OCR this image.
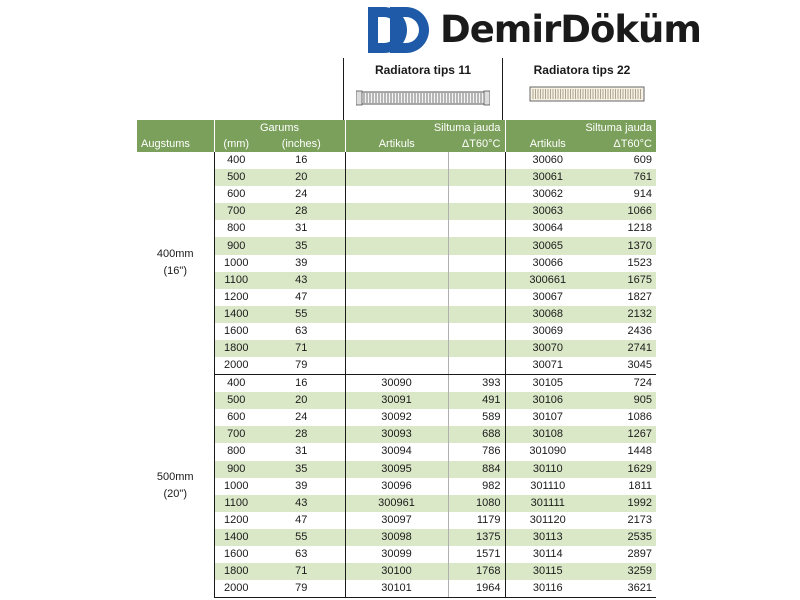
DemirDöküm
Radiatora tips 11	Radiatora tips 22
	Garums		Siltuma jauda		Siltuma jauda	
Augstums	(mm)	(inches)	Artikuls	ΔT60°C	Artikuls	ΔT60°C

400mm
(16")	400	16			30060	609
	500	20			30061	761
	600	24			30062	914
	700	28			30063	1066
	800	31			30064	1218
	900	35			30065	1370
	1000	39			30066	1523
	1100	43			300661	1675
	1200	47			30067	1827
	1400	55			30068	2132
	1600	63			30069	2436
	1800	71			30070	2741
	2000	79			30071	3045

500mm
(20")	400	16	30090	393	30105	724
	500	20	30091	491	30106	905
	600	24	30092	589	30107	1086
	700	28	30093	688	30108	1267
	800	31	30094	786	301090	1448
	900	35	30095	884	30110	1629
	1000	39	30096	982	301110	1811
	1100	43	300961	1080	301111	1992
	1200	47	30097	1179	301120	2173
	1400	55	30098	1375	30113	2535
	1600	63	30099	1571	30114	2897
	1800	71	30100	1768	30115	3259
	2000	79	30101	1964	30116	3621
